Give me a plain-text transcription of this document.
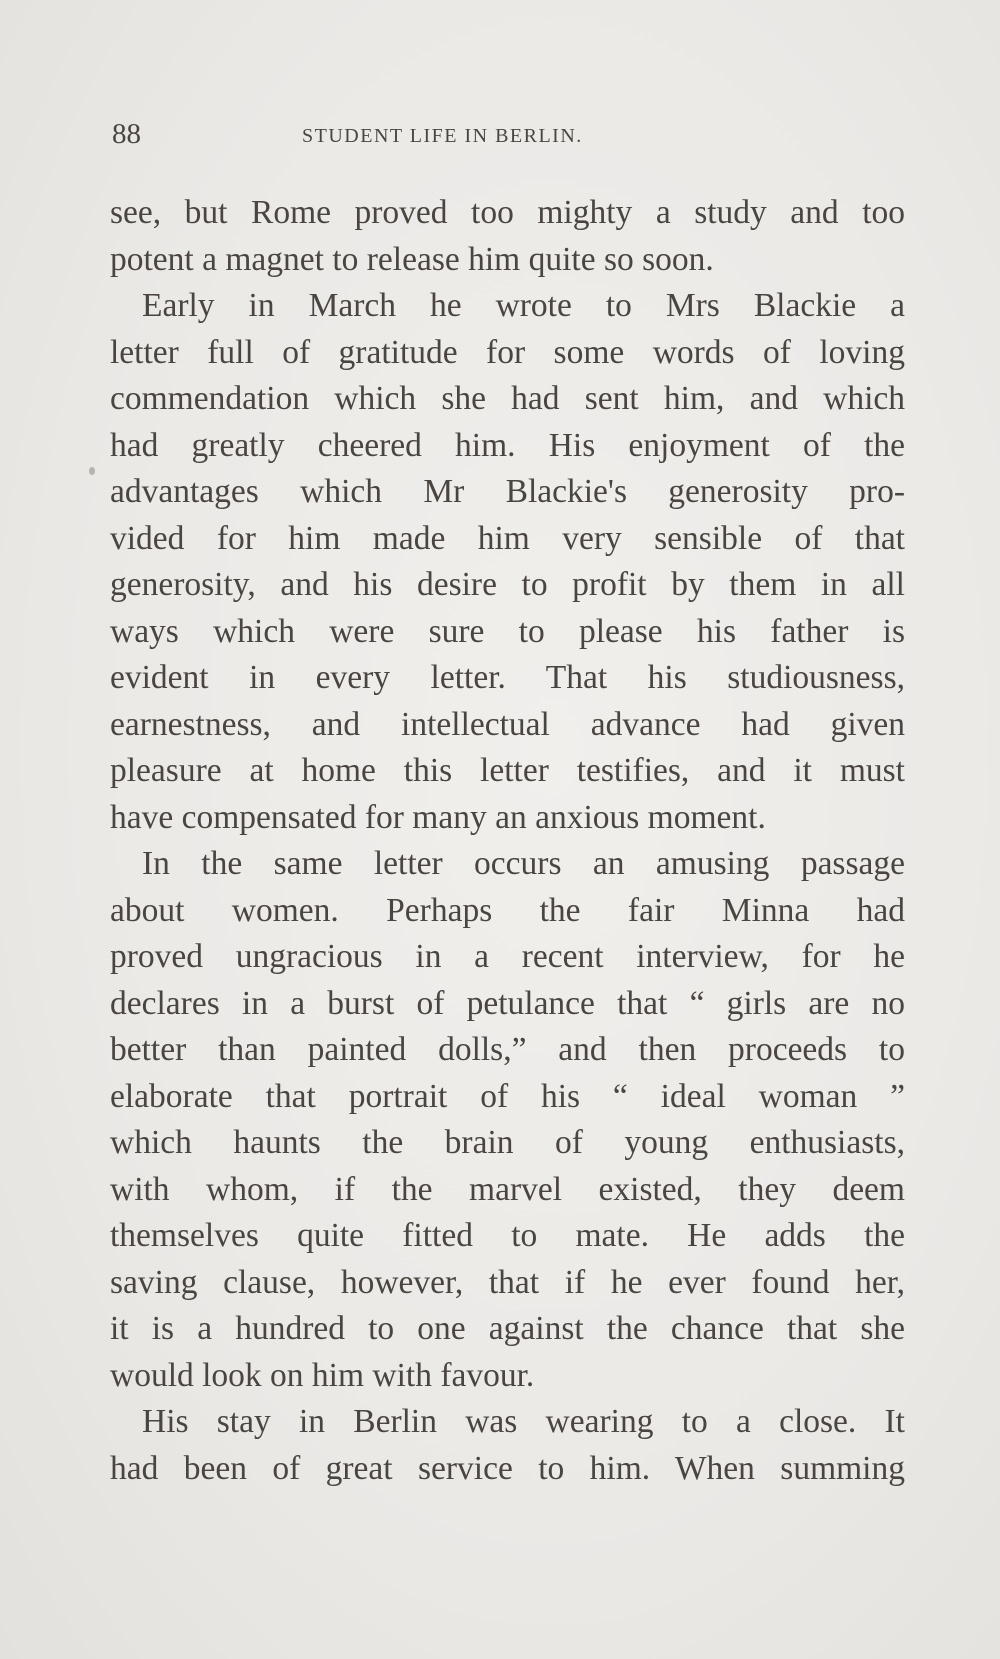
88	STUDENT LIFE IN BERLIN.
see, but Rome proved too mighty a study and too
potent a magnet to release him quite so soon.
Early in March he wrote to Mrs Blackie a
letter full of gratitude for some words of loving
commendation which she had sent him, and which
had greatly cheered him. His enjoyment of the
advantages which Mr Blackie's generosity pro-
vided for him made him very sensible of that
generosity, and his desire to profit by them in all
ways which were sure to please his father is
evident in every letter. That his studiousness,
earnestness, and intellectual advance had given
pleasure at home this letter testifies, and it must
have compensated for many an anxious moment.
In the same letter occurs an amusing passage
about women. Perhaps the fair Minna had
proved ungracious in a recent interview, for he
declares in a burst of petulance that “ girls are no
better than painted dolls,” and then proceeds to
elaborate that portrait of his “ ideal woman ”
which haunts the brain of young enthusiasts,
with whom, if the marvel existed, they deem
themselves quite fitted to mate. He adds the
saving clause, however, that if he ever found her,
it is a hundred to one against the chance that she
would look on him with favour.
His stay in Berlin was wearing to a close. It
had been of great service to him. When summing
